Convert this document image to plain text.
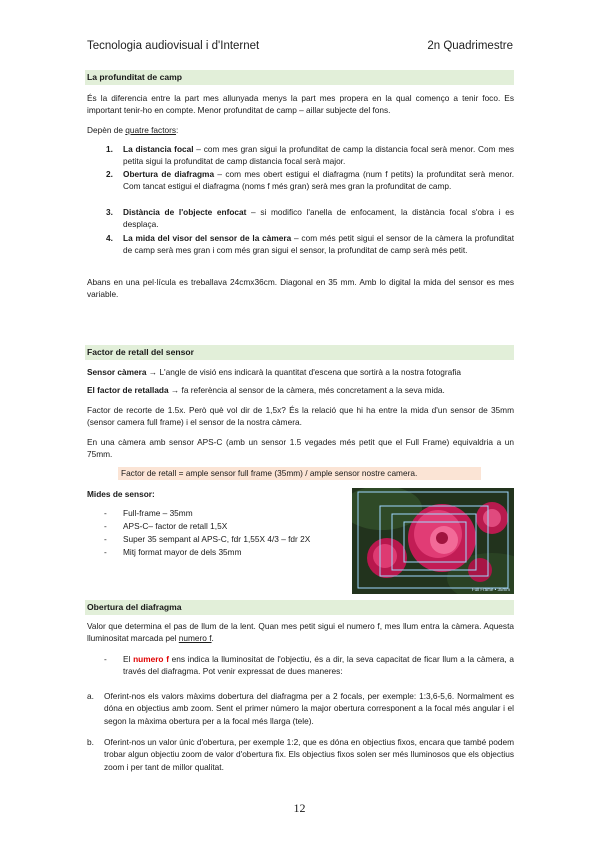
Tecnologia audiovisual i d'Internet	2n Quadrimestre
La profunditat de camp
És la diferencia entre la part mes allunyada menys la part mes propera en la qual començo a tenir foco. Es important tenir-ho en compte. Menor profunditat de camp – aillar subjecte del fons.
Depèn de quatre factors:
1. La distancia focal – com mes gran sigui la profunditat de camp la distancia focal serà menor. Com mes petita sigui la profunditat de camp distancia focal serà major.
2. Obertura de diafragma – com mes obert estigui el diafragma (num f petits) la profunditat serà menor. Com tancat estigui el diafragma (noms f més gran) serà mes gran la profunditat de camp.
3. Distància de l'objecte enfocat – si modifico l'anella de enfocament, la distància focal s'obra i es desplaça.
4. La mida del visor del sensor de la càmera – com més petit sigui el sensor de la càmera la profunditat de camp serà mes gran i com més gran sigui el sensor, la profunditat de camp serà més petit.
Abans en una pel·lícula es treballava 24cmx36cm. Diagonal en 35 mm. Amb lo digital la mida del sensor es mes variable.
Factor de retall del sensor
Sensor càmera → L'angle de visió ens indicarà la quantitat d'escena que sortirà a la nostra fotografia
El factor de retallada → fa referència al sensor de la càmera, més concretament a la seva mida.
Factor de recorte de 1.5x. Però què vol dir de 1,5x? És la relació que hi ha entre la mida d'un sensor de 35mm (sensor camera full frame) i el sensor de la nostra càmera.
En una càmera amb sensor APS-C (amb un sensor 1.5 vegades més petit que el Full Frame) equivaldria a un 75mm.
Factor de retall = ample sensor full frame (35mm) / ample sensor nostre camera.
Mides de sensor:
- Full-frame – 35mm
- APS-C– factor de retall 1,5X
- Super 35 sempant al APS-C, fdr 1,55X 4/3 – fdr 2X
- Mitj format mayor de dels 35mm
Full Frame • 35mm
Obertura del diafragma
Valor que determina el pas de llum de la lent. Quan mes petit sigui el numero f, mes llum entra la càmera. Aquesta lluminositat marcada pel numero f.
- El numero f ens indica la lluminositat de l'objectiu, és a dir, la seva capacitat de ficar llum a la càmera, a través del diafragma. Pot venir expressat de dues maneres:
a. Oferint-nos els valors màxims dobertura del diafragma per a 2 focals, per exemple: 1:3,6-5,6. Normalment es dóna en objectius amb zoom. Sent el primer número la major obertura corresponent a la focal més angular i el segon la màxima obertura per a la focal més llarga (tele).
b. Oferint-nos un valor únic d'obertura, per exemple 1:2, que es dóna en objectius fixos, encara que també podem trobar algun objectiu zoom de valor d'obertura fix. Els objectius fixos solen ser més lluminosos que els objectius zoom i per tant de millor qualitat.
12
